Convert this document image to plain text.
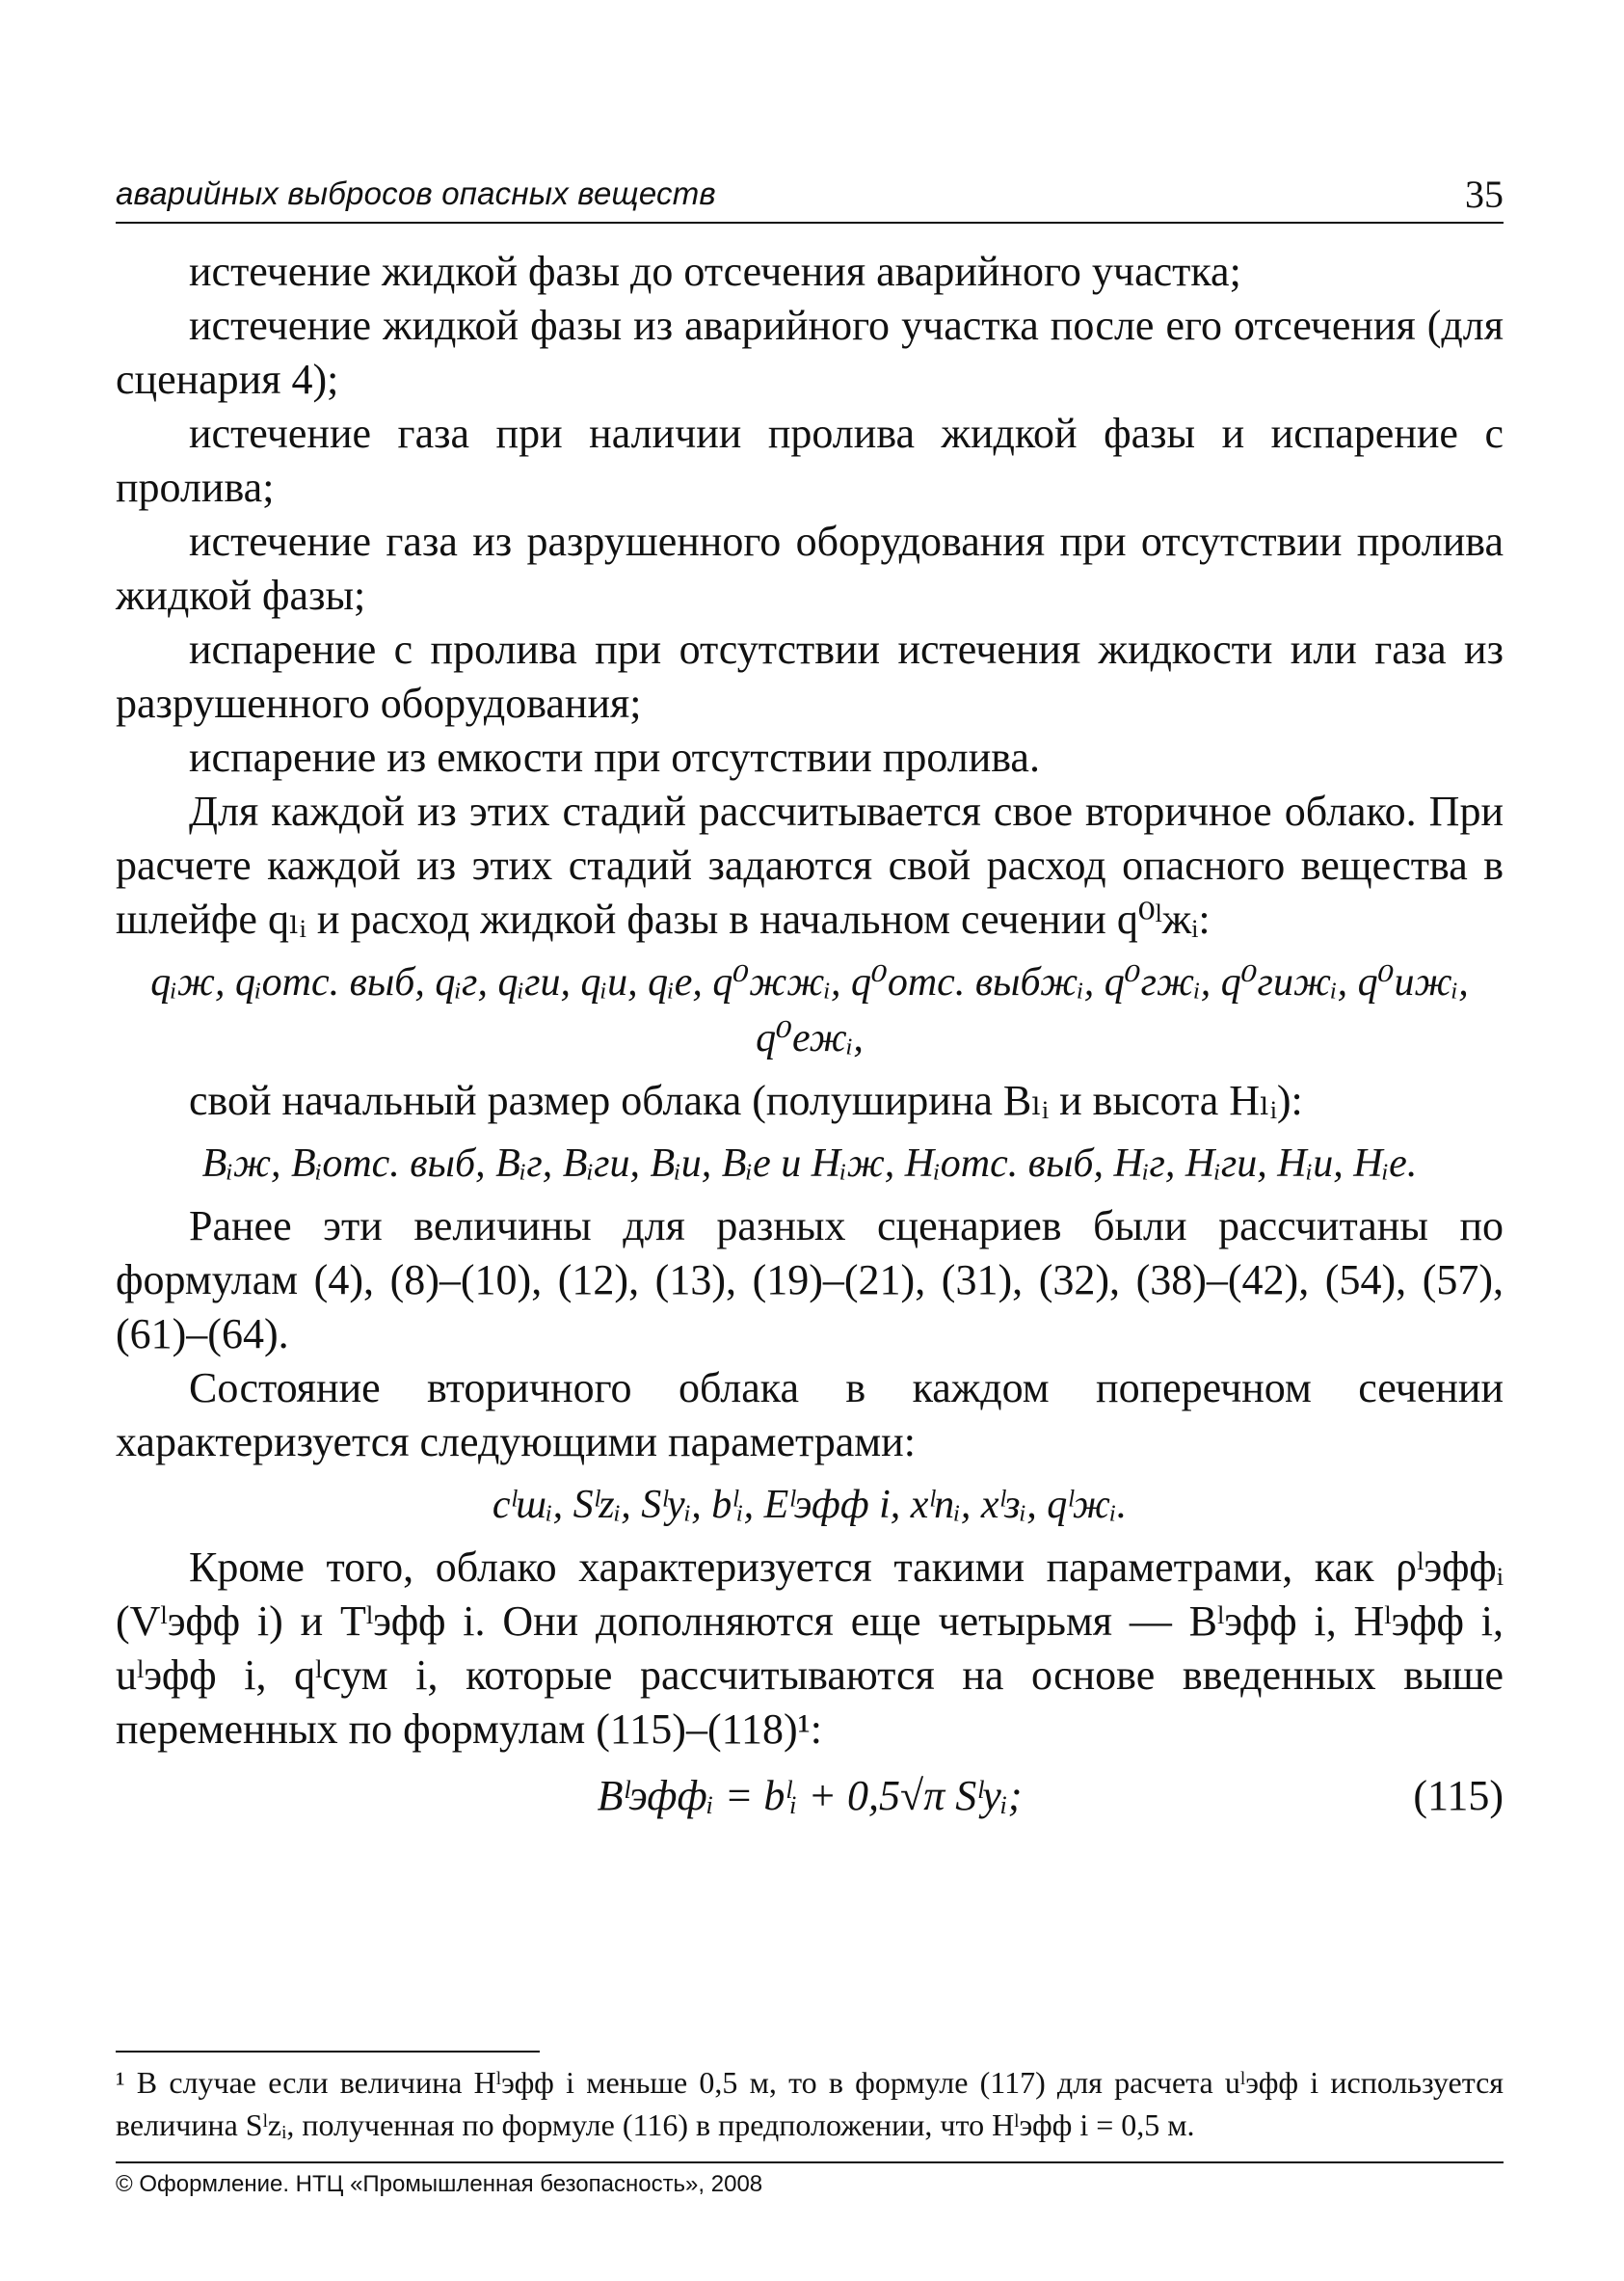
аварийных выбросов опасных веществ	35

истечение жидкой фазы до отсечения аварийного участка;

истечение жидкой фазы из аварийного участка после его отсечения (для сценария 4);

истечение газа при наличии пролива жидкой фазы и испарение с пролива;

истечение газа из разрушенного оборудования при отсутствии пролива жидкой фазы;

испарение с пролива при отсутствии истечения жидкости или газа из разрушенного оборудования;

испарение из емкости при отсутствии пролива.

Для каждой из этих стадий рассчитывается свое вторичное облако. При расчете каждой из этих стадий задаются свой расход опасного вещества в шлейфе qₗᵢ и расход жидкой фазы в начальном сечении q⁰ˡжᵢ:

qᵢж, qᵢотс. выб, qᵢг, qᵢги, qᵢи, qᵢе, q⁰жжᵢ, q⁰отс. выбжᵢ, q⁰гжᵢ, q⁰гижᵢ, q⁰ижᵢ, q⁰ежᵢ,

свой начальный размер облака (полуширина Bₗᵢ и высота Hₗᵢ):

Bᵢж, Bᵢотс. выб, Bᵢг, Bᵢги, Bᵢи, Bᵢе и Hᵢж, Hᵢотс. выб, Hᵢг, Hᵢги, Hᵢи, Hᵢе.

Ранее эти величины для разных сценариев были рассчитаны по формулам (4), (8)–(10), (12), (13), (19)–(21), (31), (32), (38)–(42), (54), (57), (61)–(64).

Состояние вторичного облака в каждом поперечном сечении характеризуется следующими параметрами:

cˡшᵢ, Sˡzᵢ, Sˡyᵢ, bˡᵢ, Eˡэфф i, xˡпᵢ, xˡзᵢ, qˡжᵢ.

Кроме того, облако характеризуется такими параметрами, как ρˡэффᵢ (Vˡэфф i) и Tˡэфф i. Они дополняются еще четырьмя — Bˡэфф i, Hˡэфф i, uˡэфф i, qˡсум i, которые рассчитываются на основе введенных выше переменных по формулам (115)–(118)¹:

Bˡэффᵢ = bˡᵢ + 0,5√π Sˡyᵢ;	(115)
¹ В случае если величина Hˡэфф i меньше 0,5 м, то в формуле (117) для расчета uˡэфф i используется величина Sˡzᵢ, полученная по формуле (116) в предположении, что Hˡэфф i = 0,5 м.
© Оформление. НТЦ «Промышленная безопасность», 2008
